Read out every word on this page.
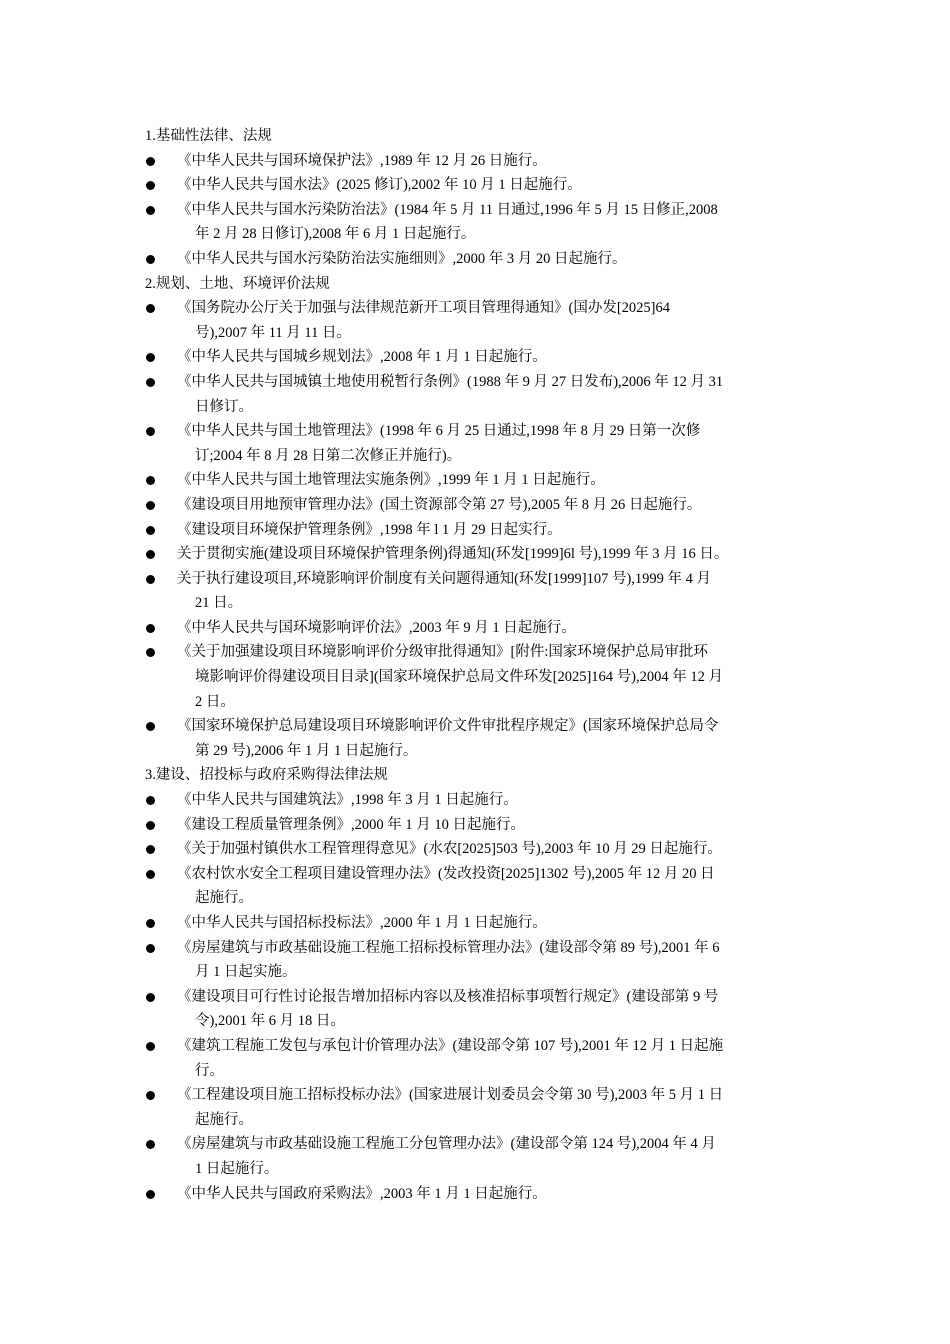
1.基础性法律、法规

《中华人民共与国环境保护法》,1989 年 12 月 26 日施行。

《中华人民共与国水法》(2025 修订),2002 年 10 月 1 日起施行。

《中华人民共与国水污染防治法》(1984 年 5 月 11 日通过,1996 年 5 月 15 日修正,2008
年 2 月 28 日修订),2008 年 6 月 1 日起施行。

《中华人民共与国水污染防治法实施细则》,2000 年 3 月 20 日起施行。

2.规划、土地、环境评价法规

《国务院办公厅关于加强与法律规范新开工项目管理得通知》(国办发[2025]64
号),2007 年 11 月 11 日。

《中华人民共与国城乡规划法》,2008 年 1 月 1 日起施行。

《中华人民共与国城镇土地使用税暂行条例》(1988 年 9 月 27 日发布),2006 年 12 月 31
日修订。

《中华人民共与国土地管理法》(1998 年 6 月 25 日通过,1998 年 8 月 29 日第一次修
订;2004 年 8 月 28 日第二次修正并施行)。

《中华人民共与国土地管理法实施条例》,1999 年 1 月 1 日起施行。

《建设项目用地预审管理办法》(国土资源部令第 27 号),2005 年 8 月 26 日起施行。

《建设项目环境保护管理条例》,1998 年 l 1 月 29 日起实行。

关于贯彻实施(建设项目环境保护管理条例)得通知(环发[1999]6l 号),1999 年 3 月 16 日。

关于执行建设项目,环境影响评价制度有关问题得通知(环发[1999]107 号),1999 年 4 月
21 日。

《中华人民共与国环境影响评价法》,2003 年 9 月 1 日起施行。

《关于加强建设项目环境影响评价分级审批得通知》[附件:国家环境保护总局审批环
境影响评价得建设项目目录](国家环境保护总局文件环发[2025]164 号),2004 年 12 月
2 日。

《国家环境保护总局建设项目环境影响评价文件审批程序规定》(国家环境保护总局令
第 29 号),2006 年 1 月 1 日起施行。

3.建设、招投标与政府采购得法律法规

《中华人民共与国建筑法》,1998 年 3 月 1 日起施行。

《建设工程质量管理条例》,2000 年 1 月 10 日起施行。

《关于加强村镇供水工程管理得意见》(水农[2025]503 号),2003 年 10 月 29 日起施行。

《农村饮水安全工程项目建设管理办法》(发改投资[2025]1302 号),2005 年 12 月 20 日
起施行。

《中华人民共与国招标投标法》,2000 年 1 月 1 日起施行。

《房屋建筑与市政基础设施工程施工招标投标管理办法》(建设部令第 89 号),2001 年 6
月 1 日起实施。

《建设项目可行性讨论报告增加招标内容以及核准招标事项暂行规定》(建设部第 9 号
令),2001 年 6 月 18 日。

《建筑工程施工发包与承包计价管理办法》(建设部令第 107 号),2001 年 12 月 1 日起施
行。

《工程建设项目施工招标投标办法》(国家进展计划委员会令第 30 号),2003 年 5 月 1 日
起施行。

《房屋建筑与市政基础设施工程施工分包管理办法》(建设部令第 124 号),2004 年 4 月
1 日起施行。

《中华人民共与国政府采购法》,2003 年 1 月 1 日起施行。
